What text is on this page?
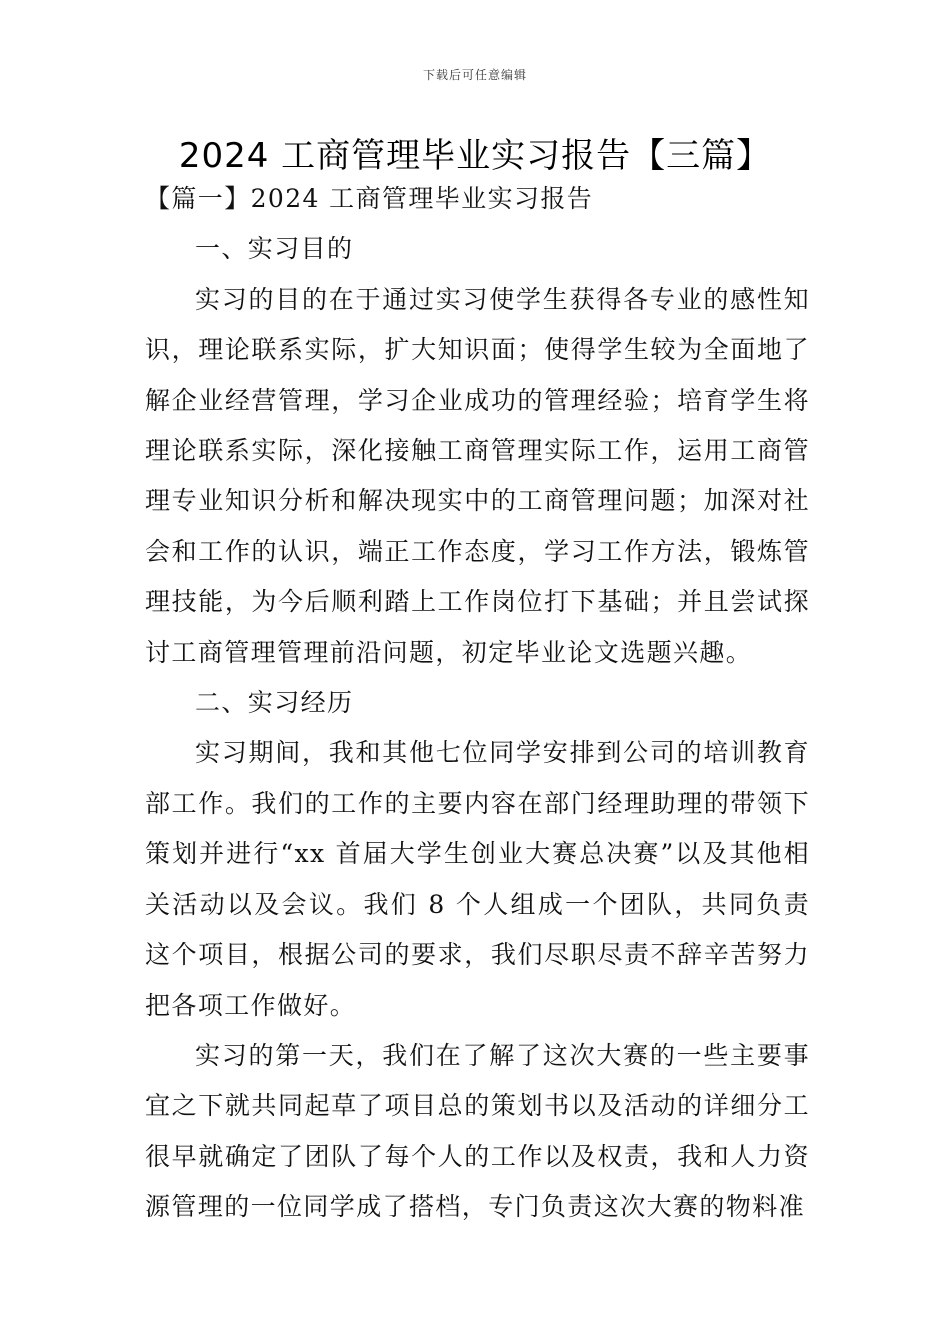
下载后可任意编辑
2024 工商管理毕业实习报告【三篇】

【篇一】2024 工商管理毕业实习报告

一、实习目的

实习的目的在于通过实习使学生获得各专业的感性知识，理论联系实际，扩大知识面；使得学生较为全面地了解企业经营管理，学习企业成功的管理经验；培育学生将理论联系实际，深化接触工商管理实际工作，运用工商管理专业知识分析和解决现实中的工商管理问题；加深对社会和工作的认识，端正工作态度，学习工作方法，锻炼管理技能，为今后顺利踏上工作岗位打下基础；并且尝试探讨工商管理管理前沿问题，初定毕业论文选题兴趣。

二、实习经历

实习期间，我和其他七位同学安排到公司的培训教育部工作。我们的工作的主要内容在部门经理助理的带领下策划并进行“xx 首届大学生创业大赛总决赛”以及其他相关活动以及会议。我们 8 个人组成一个团队，共同负责这个项目，根据公司的要求，我们尽职尽责不辞辛苦努力把各项工作做好。

实习的第一天，我们在了解了这次大赛的一些主要事宜之下就共同起草了项目总的策划书以及活动的详细分工很早就确定了团队了每个人的工作以及权责，我和人力资源管理的一位同学成了搭档，专门负责这次大赛的物料准
